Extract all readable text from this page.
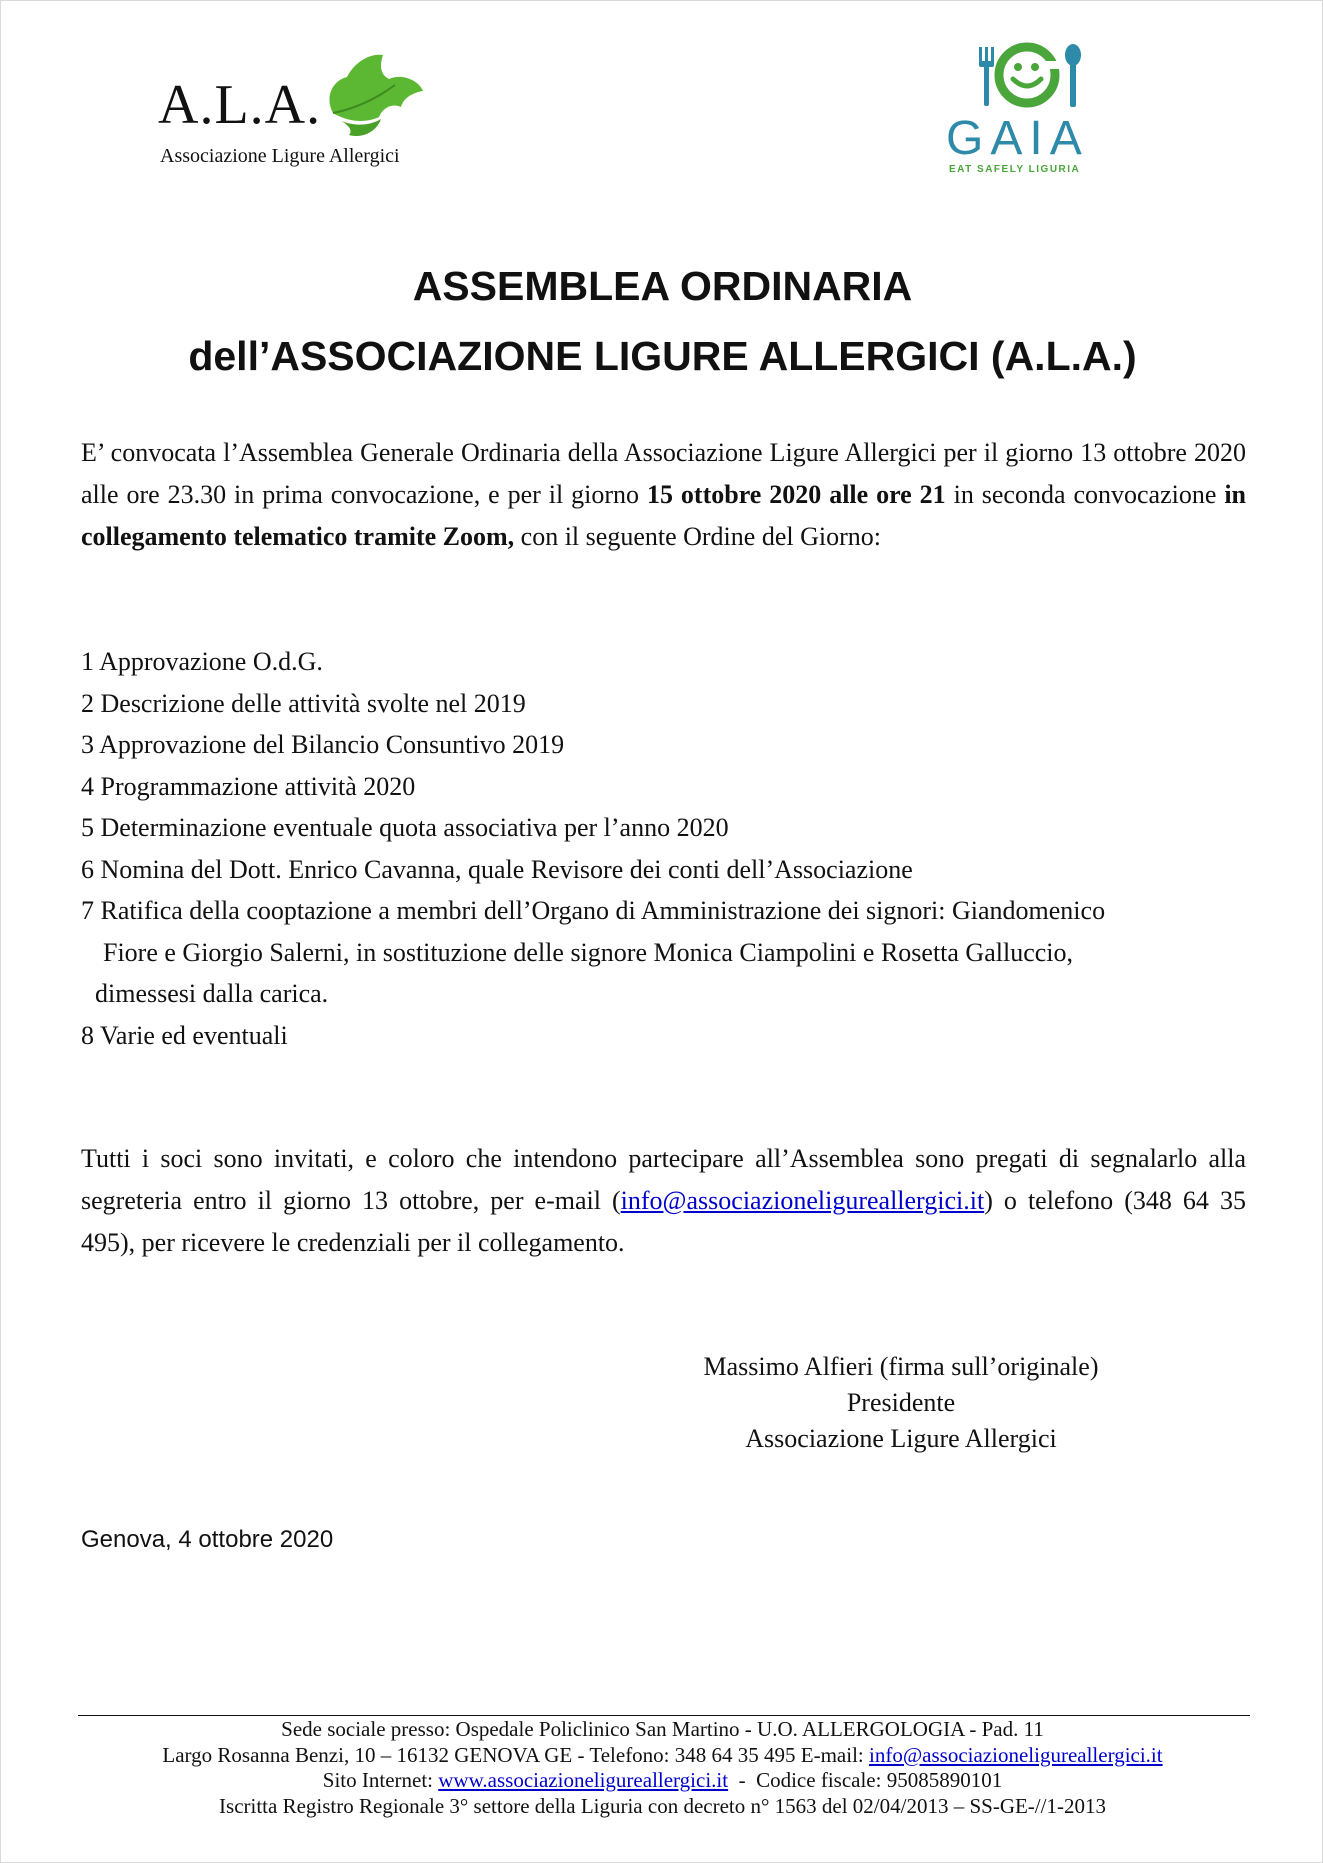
A.L.A.
Associazione Ligure Allergici	GAIA
EAT SAFELY LIGURIA
ASSEMBLEA ORDINARIA
dell’ASSOCIAZIONE LIGURE ALLERGICI (A.L.A.)

E’ convocata l’Assemblea Generale Ordinaria della Associazione Ligure Allergici per il giorno 13 ottobre 2020 alle ore 23.30 in prima convocazione, e per il giorno 15 ottobre 2020 alle ore 21 in seconda convocazione in collegamento telematico tramite Zoom, con il seguente Ordine del Giorno:

1 Approvazione O.d.G.
2 Descrizione delle attività svolte nel 2019
3 Approvazione del Bilancio Consuntivo 2019
4 Programmazione attività 2020
5 Determinazione eventuale quota associativa per l’anno 2020
6 Nomina del Dott. Enrico Cavanna, quale Revisore dei conti dell’Associazione
7 Ratifica della cooptazione a membri dell’Organo di Amministrazione dei signori: Giandomenico
Fiore e Giorgio Salerni, in sostituzione delle signore Monica Ciampolini e Rosetta Galluccio,
dimessesi dalla carica.
8 Varie ed eventuali

Tutti i soci sono invitati, e coloro che intendono partecipare all’Assemblea sono pregati di segnalarlo alla segreteria entro il giorno 13 ottobre, per e-mail (info@associazioneligureallergici.it) o telefono (348 64 35 495), per ricevere le credenziali per il collegamento.

Massimo Alfieri (firma sull’originale)
Presidente
Associazione Ligure Allergici
Genova, 4 ottobre 2020
Sede sociale presso: Ospedale Policlinico San Martino - U.O. ALLERGOLOGIA - Pad. 11
Largo Rosanna Benzi, 10 – 16132 GENOVA GE - Telefono: 348 64 35 495 E-mail: info@associazioneligureallergici.it
Sito Internet: www.associazioneligureallergici.it  -  Codice fiscale: 95085890101
Iscritta Registro Regionale 3° settore della Liguria con decreto n° 1563 del 02/04/2013 – SS-GE-//1-2013
